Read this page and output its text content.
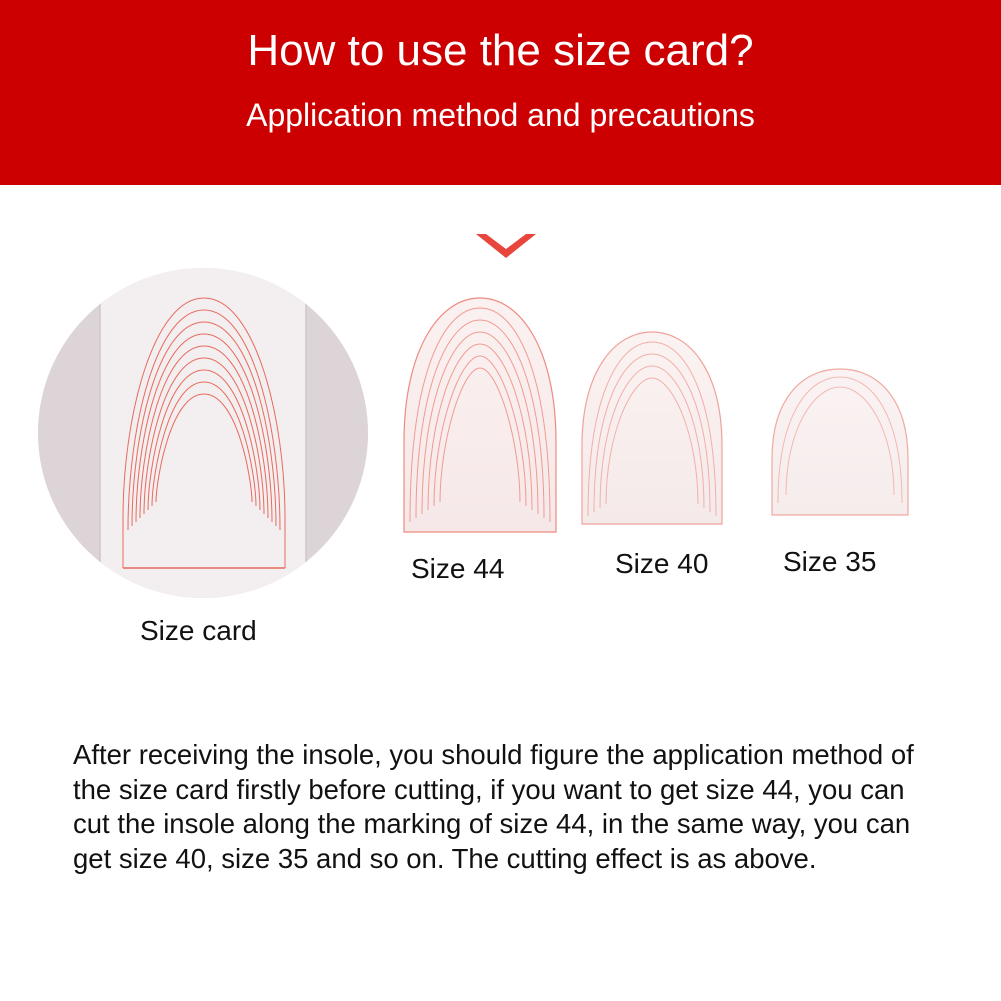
How to use the size card?
Application method and precautions
Size card
Size 44	Size 40	Size 35
After receiving the insole, you should figure the application method of the size card firstly before cutting, if you want to get size 44, you can cut the insole along the marking of size 44, in the same way, you can get size 40, size 35 and so on. The cutting effect is as above.
